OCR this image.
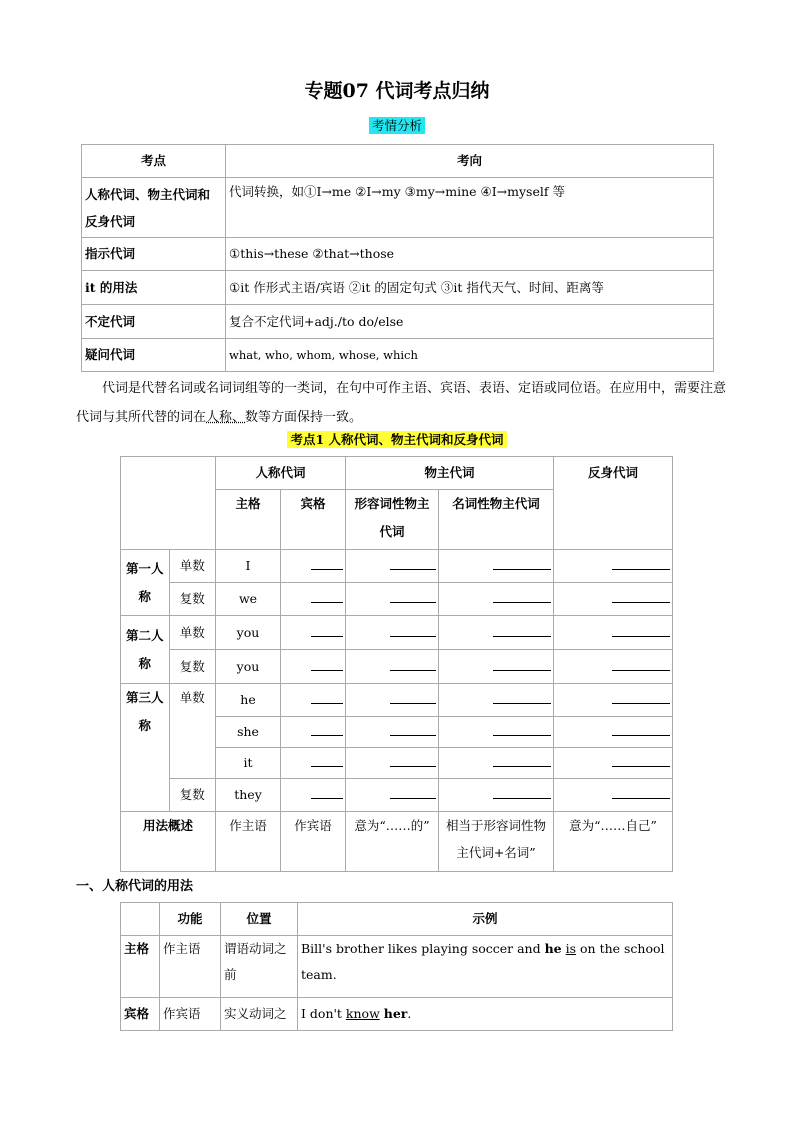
专题07 代词考点归纳
考情分析
考点	考向
人称代词、物主代词和反身代词	代词转换，如①I→me ②I→my ③my→mine ④I→myself 等
指示代词	①this→these ②that→those
it 的用法	①it 作形式主语/宾语 ②it 的固定句式 ③it 指代天气、时间、距离等
不定代词	复合不定代词+adj./to do/else
疑问代词	what, who, whom, whose, which
代词是代替名词或名词词组等的一类词，在句中可作主语、宾语、表语、定语或同位语。在应用中，需要注意代词与其所代替的词在人称、数等方面保持一致。
考点1 人称代词、物主代词和反身代词
		人称代词		物主代词		反身代词
		主格	宾格	形容词性物主代词	名词性物主代词	
第一人称	单数	I				
	复数	we				
第二人称	单数	you				
	复数	you				
第三人称	单数	he				
		she				
		it				
	复数	they				
用法概述		作主语	作宾语	意为“……的”	相当于形容词性物主代词+名词”	意为“……自己”
一、人称代词的用法
	功能	位置	示例
主格	作主语	谓语动词之前	Bill's brother likes playing soccer and he is on the school team.
宾格	作宾语	实义动词之	I don't know her.
